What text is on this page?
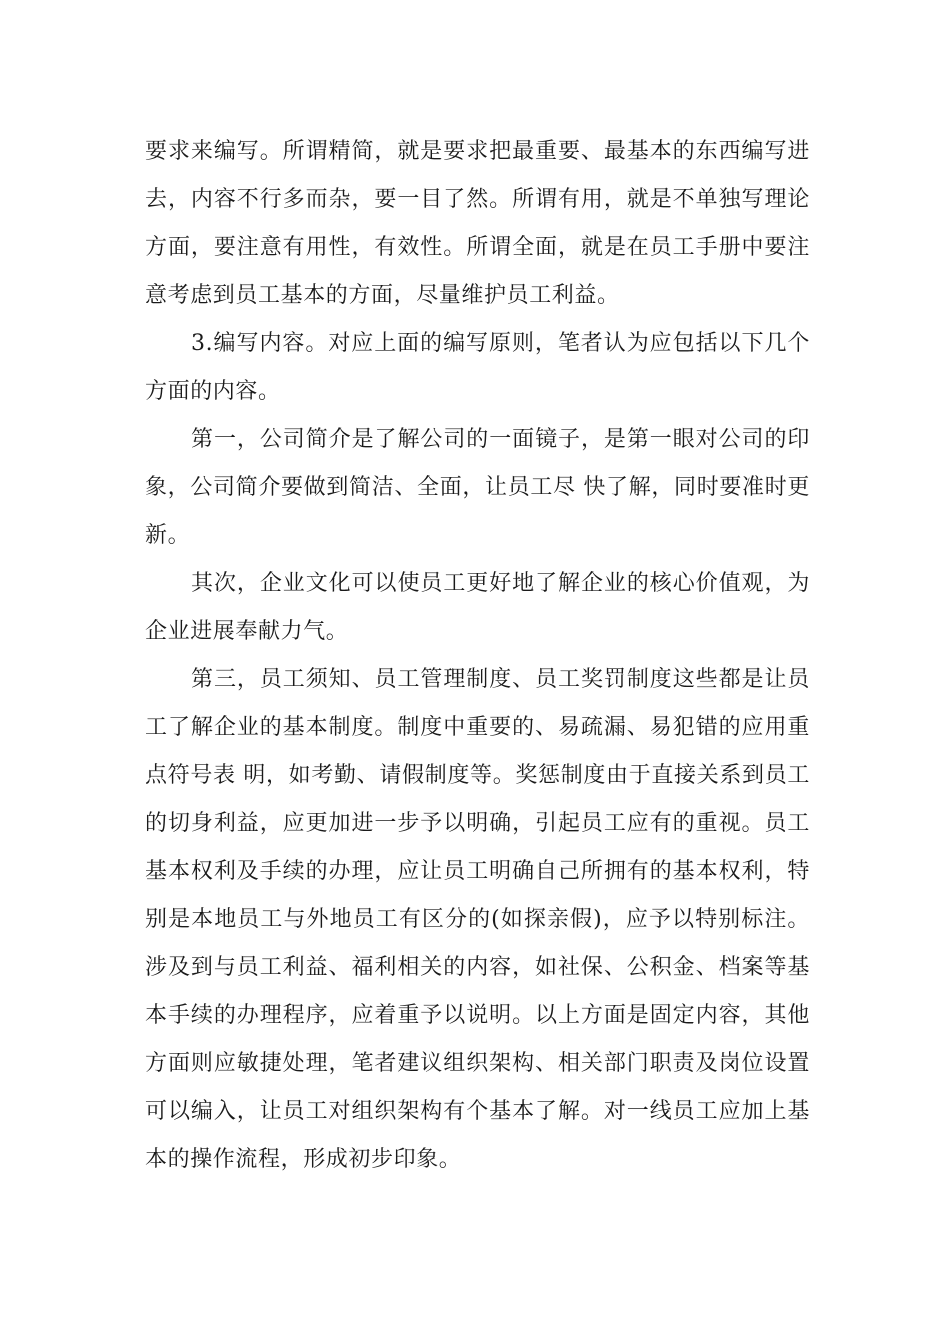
要求来编写。所谓精简，就是要求把最重要、最基本的东西编写进去，内容不行多而杂，要一目了然。所谓有用，就是不单独写理论方面，要注意有用性，有效性。所谓全面，就是在员工手册中要注意考虑到员工基本的方面，尽量维护员工利益。

3.编写内容。对应上面的编写原则，笔者认为应包括以下几个方面的内容。

第一，公司简介是了解公司的一面镜子，是第一眼对公司的印象，公司简介要做到简洁、全面，让员工尽 快了解，同时要准时更新。

其次，企业文化可以使员工更好地了解企业的核心价值观，为企业进展奉献力气。

第三，员工须知、员工管理制度、员工奖罚制度这些都是让员工了解企业的基本制度。制度中重要的、易疏漏、易犯错的应用重点符号表 明，如考勤、请假制度等。奖惩制度由于直接关系到员工的切身利益，应更加进一步予以明确，引起员工应有的重视。员工基本权利及手续的办理，应让员工明确自己所拥有的基本权利，特别是本地员工与外地员工有区分的(如探亲假)，应予以特别标注。涉及到与员工利益、福利相关的内容，如社保、公积金、档案等基本手续的办理程序，应着重予以说明。以上方面是固定内容，其他方面则应敏捷处理，笔者建议组织架构、相关部门职责及岗位设置可以编入，让员工对组织架构有个基本了解。对一线员工应加上基本的操作流程，形成初步印象。
